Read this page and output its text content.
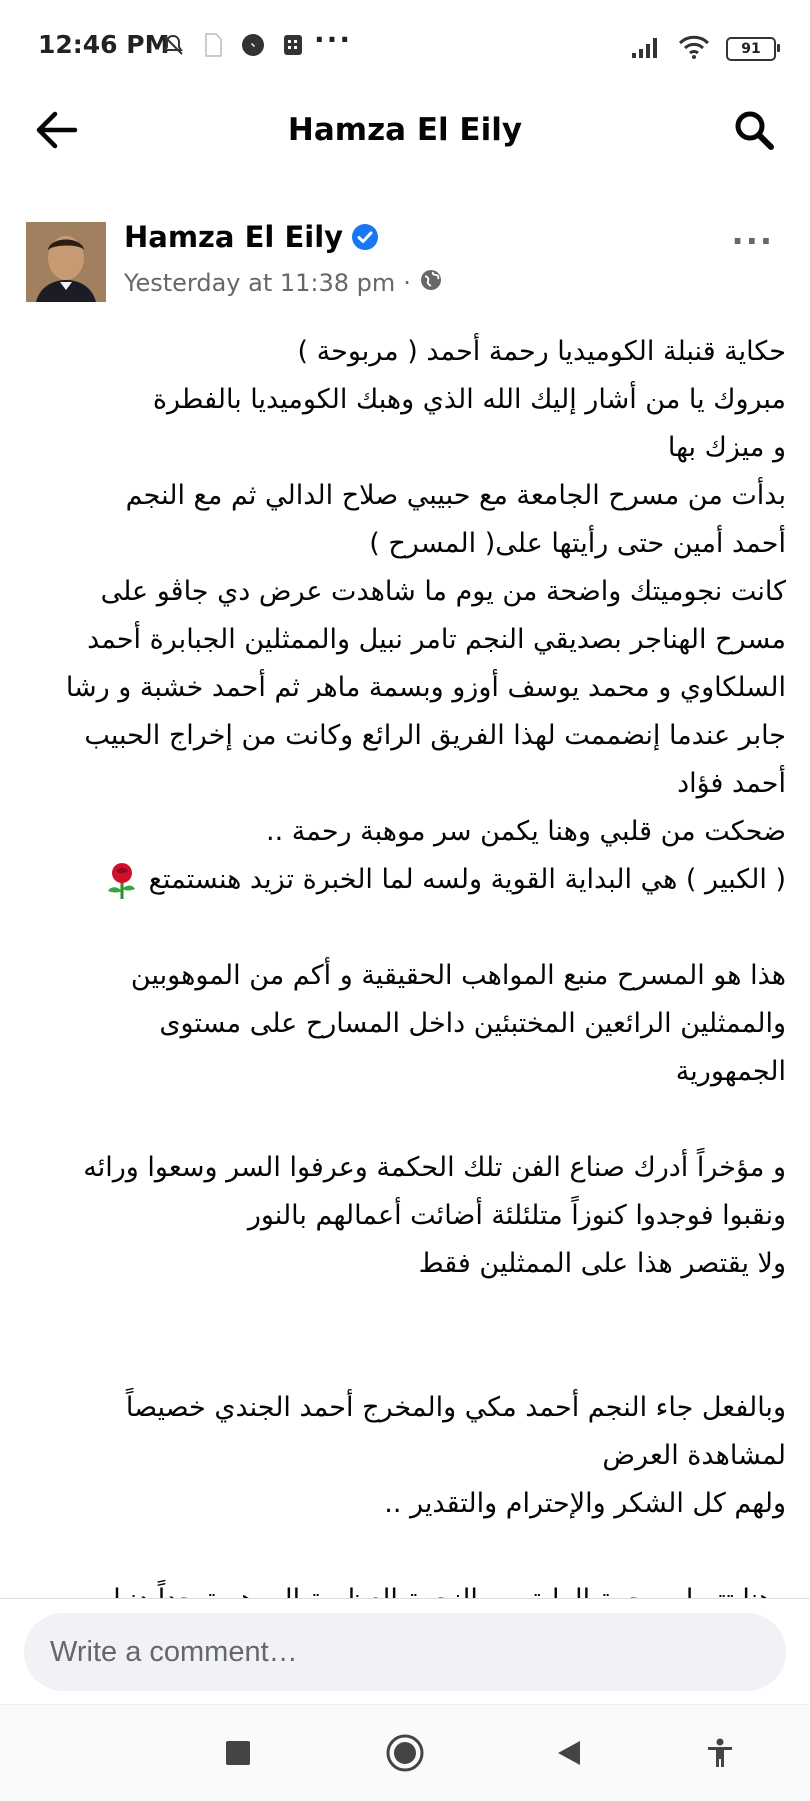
12:46 PM	···	91
Hamza El Eily
Hamza El Eily
Yesterday at 11:38 pm ·
···
حكاية قنبلة الكوميديا رحمة أحمد ( مربوحة )
مبروك يا من أشار إليك الله الذي وهبك الكوميديا بالفطرة
و ميزك بها
بدأت من مسرح الجامعة مع حبيبي صلاح الدالي ثم مع النجم
أحمد أمين حتى رأيتها على( المسرح )
كانت نجوميتك واضحة من يوم ما شاهدت عرض دي جاڤو على
مسرح الهناجر بصديقي النجم تامر نبيل والممثلين الجبابرة أحمد
السلكاوي و محمد يوسف أوزو وبسمة ماهر ثم أحمد خشبة و رشا
جابر عندما إنضممت لهذا الفريق الرائع وكانت من إخراج الحبيب
أحمد فؤاد
ضحكت من قلبي وهنا يكمن سر موهبة رحمة ..
( الكبير ) هي البداية القوية ولسه لما الخبرة تزيد هنستمتع
هذا هو المسرح منبع المواهب الحقيقية و أكم من الموهوبين
والممثلين الرائعين المختبئين داخل المسارح على مستوى
الجمهورية
و مؤخراً أدرك صناع الفن تلك الحكمة وعرفوا السر وسعوا ورائه
ونقبوا فوجدوا كنوزاً متلئلئة أضائت أعمالهم بالنور
ولا يقتصر هذا على الممثلين فقط
وبالفعل جاء النجم أحمد مكي والمخرج أحمد الجندي خصيصاً
لمشاهدة العرض
ولهم كل الشكر والإحترام والتقدير ..
Write a comment…
